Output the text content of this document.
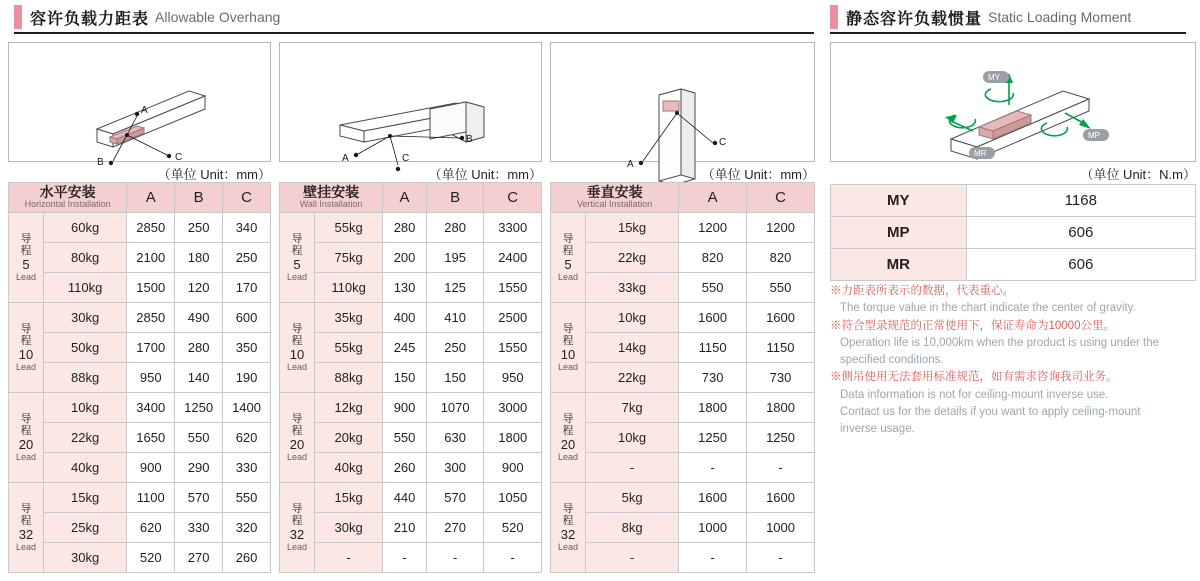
容许负载力距表 Allowable Overhang	静态容许负载惯量 Static Loading Moment
A
B	C
（单位 Unit：mm）
A
B
C
（单位 Unit：mm）
A
C
（单位 Unit：mm）
MY
MP
MR
（单位 Unit：N.m）
水平安装
Horizontal Installation		A	B	C

导
程
5
Lead	60kg	2850	250	340
	80kg	2100	180	250
	110kg	1500	120	170

导
程
10
Lead	30kg	2850	490	600
	50kg	1700	280	350
	88kg	950	140	190

导
程
20
Lead	10kg	3400	1250	1400
	22kg	1650	550	620
	40kg	900	290	330

导
程
32
Lead	15kg	1100	570	550
	25kg	620	330	320
	30kg	520	270	260
壁挂安装
Wall Installation		A	B	C

导
程
5
Lead	55kg	280	280	3300
	75kg	200	195	2400
	110kg	130	125	1550

导
程
10
Lead	35kg	400	410	2500
	55kg	245	250	1550
	88kg	150	150	950

导
程
20
Lead	12kg	900	1070	3000
	20kg	550	630	1800
	40kg	260	300	900

导
程
32
Lead	15kg	440	570	1050
	30kg	210	270	520
	-	-	-	-
垂直安装
Vertical Installation		A	C

导
程
5
Lead	15kg	1200	1200
	22kg	820	820
	33kg	550	550

导
程
10
Lead	10kg	1600	1600
	14kg	1150	1150
	22kg	730	730

导
程
20
Lead	7kg	1800	1800
	10kg	1250	1250
	-	-	-

导
程
32
Lead	5kg	1600	1600
	8kg	1000	1000
	-	-	-
MY	1168
MP	606
MR	606
※力距表所表示的数据，代表重心。
The torque value in the chart indicate the center of gravity.
※符合型录规范的正常使用下，保证寿命为10000公里。
Operation life is 10,000km when the product is using under the
specified conditions.
※侧吊使用无法套用标准规范，如有需求咨询我司业务。
Data information is not for ceiling-mount inverse use.
Contact us for the details if you want to apply ceiling-mount
inverse usage.
